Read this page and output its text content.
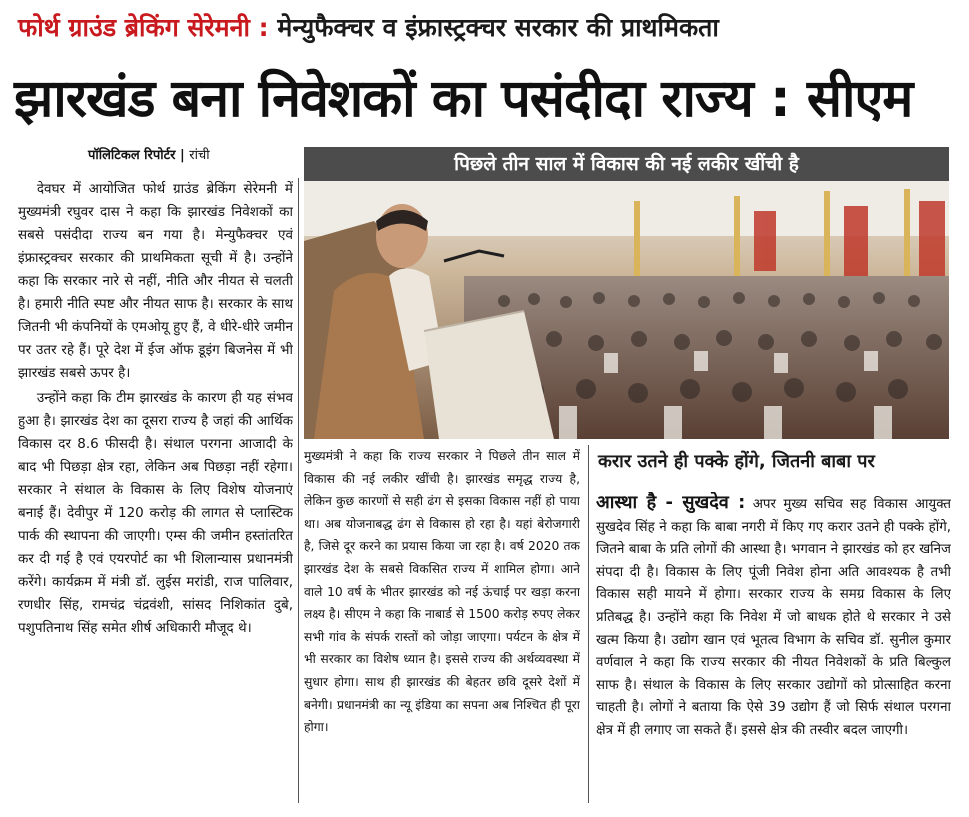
फोर्थ ग्राउंड ब्रेकिंग सेरेमनी : मेन्युफैक्चर व इंफ्रास्ट्रक्चर सरकार की प्राथमिकता
झारखंड बना निवेशकों का पसंदीदा राज्य : सीएम
पॉलिटिकल रिपोर्टर | रांची

देवघर में आयोजित फोर्थ ग्राउंड ब्रेकिंग सेरेमनी में मुख्यमंत्री रघुवर दास ने कहा कि झारखंड निवेशकों का सबसे पसंदीदा राज्य बन गया है। मेन्युफैक्चर एवं इंफ्रास्ट्रक्चर सरकार की प्राथमिकता सूची में है। उन्होंने कहा कि सरकार नारे से नहीं, नीति और नीयत से चलती है। हमारी नीति स्पष्ट और नीयत साफ है। सरकार के साथ जितनी भी कंपनियों के एमओयू हुए हैं, वे धीरे-धीरे जमीन पर उतर रहे हैं। पूरे देश में ईज ऑफ डूइंग बिजनेस में भी झारखंड सबसे ऊपर है।

उन्होंने कहा कि टीम झारखंड के कारण ही यह संभव हुआ है। झारखंड देश का दूसरा राज्य है जहां की आर्थिक विकास दर 8.6 फीसदी है। संथाल परगना आजादी के बाद भी पिछड़ा क्षेत्र रहा, लेकिन अब पिछड़ा नहीं रहेगा। सरकार ने संथाल के विकास के लिए विशेष योजनाएं बनाई हैं। देवीपुर में 120 करोड़ की लागत से प्लास्टिक पार्क की स्थापना की जाएगी। एम्स की जमीन हस्तांतरित कर दी गई है एवं एयरपोर्ट का भी शिलान्यास प्रधानमंत्री करेंगे। कार्यक्रम में मंत्री डॉ. लुईस मरांडी, राज पालिवार, रणधीर सिंह, रामचंद्र चंद्रवंशी, सांसद निशिकांत दुबे, पशुपतिनाथ सिंह समेत शीर्ष अधिकारी मौजूद थे।

पिछले तीन साल में विकास की नई लकीर खींची है

मुख्यमंत्री ने कहा कि राज्य सरकार ने पिछले तीन साल में विकास की नई लकीर खींची है। झारखंड समृद्ध राज्य है, लेकिन कुछ कारणों से सही ढंग से इसका विकास नहीं हो पाया था। अब योजनाबद्ध ढंग से विकास हो रहा है। यहां बेरोजगारी है, जिसे दूर करने का प्रयास किया जा रहा है। वर्ष 2020 तक झारखंड देश के सबसे विकसित राज्य में शामिल होगा। आने वाले 10 वर्ष के भीतर झारखंड को नई ऊंचाई पर खड़ा करना लक्ष्य है। सीएम ने कहा कि नाबार्ड से 1500 करोड़ रुपए लेकर सभी गांव के संपर्क रास्तों को जोड़ा जाएगा। पर्यटन के क्षेत्र में भी सरकार का विशेष ध्यान है। इससे राज्य की अर्थव्यवस्था में सुधार होगा। साथ ही झारखंड की बेहतर छवि दूसरे देशों में बनेगी। प्रधानमंत्री का न्यू इंडिया का सपना अब निश्चित ही पूरा होगा।

करार उतने ही पक्के होंगे, जितनी बाबा पर

आस्था है - सुखदेव : अपर मुख्य सचिव सह विकास आयुक्त सुखदेव सिंह ने कहा कि बाबा नगरी में किए गए करार उतने ही पक्के होंगे, जितने बाबा के प्रति लोगों की आस्था है। भगवान ने झारखंड को हर खनिज संपदा दी है। विकास के लिए पूंजी निवेश होना अति आवश्यक है तभी विकास सही मायने में होगा। सरकार राज्य के समग्र विकास के लिए प्रतिबद्ध है। उन्होंने कहा कि निवेश में जो बाधक होते थे सरकार ने उसे खत्म किया है। उद्योग खान एवं भूतत्व विभाग के सचिव डॉ. सुनील कुमार वर्णवाल ने कहा कि राज्य सरकार की नीयत निवेशकों के प्रति बिल्कुल साफ है। संथाल के विकास के लिए सरकार उद्योगों को प्रोत्साहित करना चाहती है। लोगों ने बताया कि ऐसे 39 उद्योग हैं जो सिर्फ संथाल परगना क्षेत्र में ही लगाए जा सकते हैं। इससे क्षेत्र की तस्वीर बदल जाएगी।
